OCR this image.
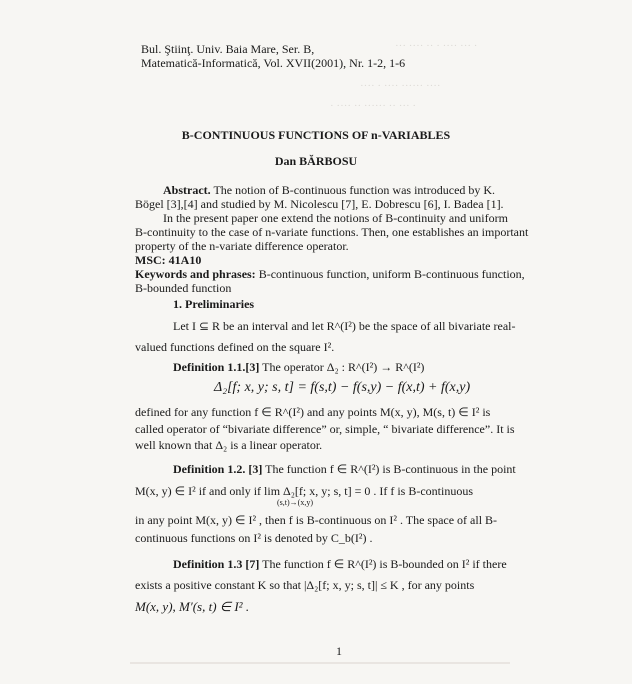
··· ···· ·· · ···· ··· ·
···· · ···· ······ ····
· ···· ·· ······ ·· ··· ·
Bul. Ştiinţ. Univ. Baia Mare, Ser. B,
Matematică-Informatică, Vol. XVII(2001), Nr. 1-2, 1-6
B-CONTINUOUS FUNCTIONS OF n-VARIABLES
Dan BĂRBOSU
Abstract. The notion of B-continuous function was introduced by K.
Bögel [3],[4] and studied by M. Nicolescu [7], E. Dobrescu [6], I. Badea [1].
In the present paper one extend the notions of B-continuity and uniform
B-continuity to the case of n-variate functions. Then, one establishes an important
property of the n-variate difference operator.
MSC: 41A10
Keywords and phrases: B-continuous function, uniform B-continuous function,
B-bounded function
1. Preliminaries
Let I ⊆ R be an interval and let R^(I²) be the space of all bivariate real-
valued functions defined on the square I².
Definition 1.1.[3] The operator Δ₂ : R^(I²) → R^(I²)
Δ₂[f; x, y; s, t] = f(s,t) − f(s,y) − f(x,t) + f(x,y)
defined for any function f ∈ R^(I²) and any points M(x, y), M(s, t) ∈ I² is
called operator of “bivariate difference” or, simple, “ bivariate difference”. It is
well known that Δ₂ is a linear operator.
Definition 1.2. [3] The function f ∈ R^(I²) is B-continuous in the point
M(x, y) ∈ I² if and only if lim Δ₂[f; x, y; s, t] = 0 . If f is B-continuous
(s,t)→(x,y)
in any point M(x, y) ∈ I² , then f is B-continuous on I² . The space of all B-
continuous functions on I² is denoted by C_b(I²) .
Definition 1.3 [7] The function f ∈ R^(I²) is B-bounded on I² if there
exists a positive constant K so that |Δ₂[f; x, y; s, t]| ≤ K , for any points
M(x, y), M′(s, t) ∈ I² .
1
